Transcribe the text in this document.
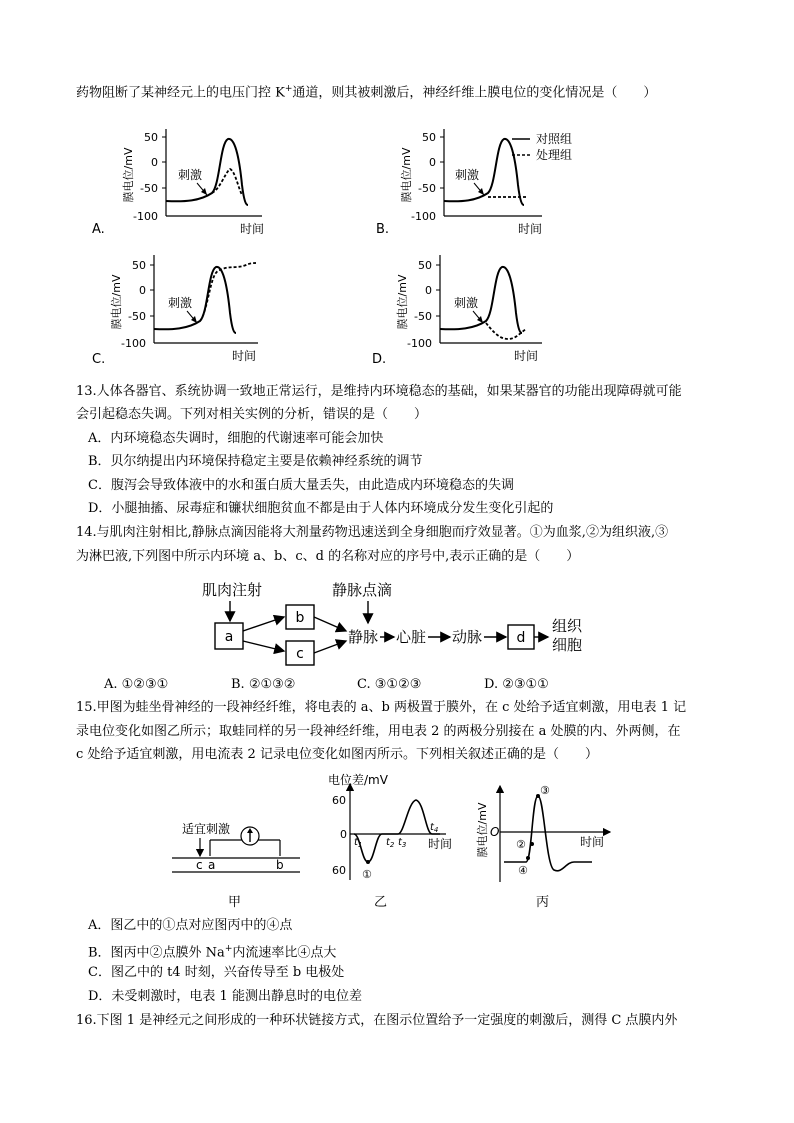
药物阻断了某神经元上的电压门控 K+通道，则其被刺激后，神经纤维上膜电位的变化情况是（　　）
50
0
-50
-100
膜电位/mV
时间
刺激
A.
50
0
-50
-100
膜电位/mV
时间
刺激
对照组
处理组
B.
50
0
-50
-100
膜电位/mV
时间
刺激
C.
50
0
-50
-100
膜电位/mV
时间
刺激
D.
13.人体各器官、系统协调一致地正常运行，是维持内环境稳态的基础，如果某器官的功能出现障碍就可能
会引起稳态失调。下列对相关实例的分析，错误的是（　　）
A．内环境稳态失调时，细胞的代谢速率可能会加快
B．贝尔纳提出内环境保持稳定主要是依赖神经系统的调节
C．腹泻会导致体液中的水和蛋白质大量丢失，由此造成内环境稳态的失调
D．小腿抽搐、尿毒症和镰状细胞贫血不都是由于人体内环境成分发生变化引起的
14.与肌肉注射相比,静脉点滴因能将大剂量药物迅速送到全身细胞而疗效显著。①为血浆,②为组织液,③
为淋巴液,下列图中所示内环境 a、b、c、d 的名称对应的序号中,表示正确的是（　　）
肌肉注射
a
b
c
静脉点滴
静脉 心脏 动脉 d
组织
细胞
A. ①②③①	B. ②①③②	C. ③①②③	D. ②③①①
15.甲图为蛙坐骨神经的一段神经纤维，将电表的 a、b 两极置于膜外，在 c 处给予适宜刺激，用电表 1 记
录电位变化如图乙所示；取蛙同样的另一段神经纤维，用电表 2 的两极分别接在 a 处膜的内、外两侧，在
c 处给予适宜刺激，用电流表 2 记录电位变化如图丙所示。下列相关叙述正确的是（　　）
适宜刺激
c a	b
甲
电位差/mV
60
0
60 ①
$t_1$ $t_2$ $t_3$
$t_4$
时间
乙
膜电位/mV O
时间
②
③
④
丙
A．图乙中的①点对应图丙中的④点
B．图丙中②点膜外 Na+内流速率比④点大
C．图乙中的 t4 时刻，兴奋传导至 b 电极处
D．未受刺激时，电表 1 能测出静息时的电位差
16.下图 1 是神经元之间形成的一种环状链接方式，在图示位置给予一定强度的刺激后，测得 C 点膜内外
